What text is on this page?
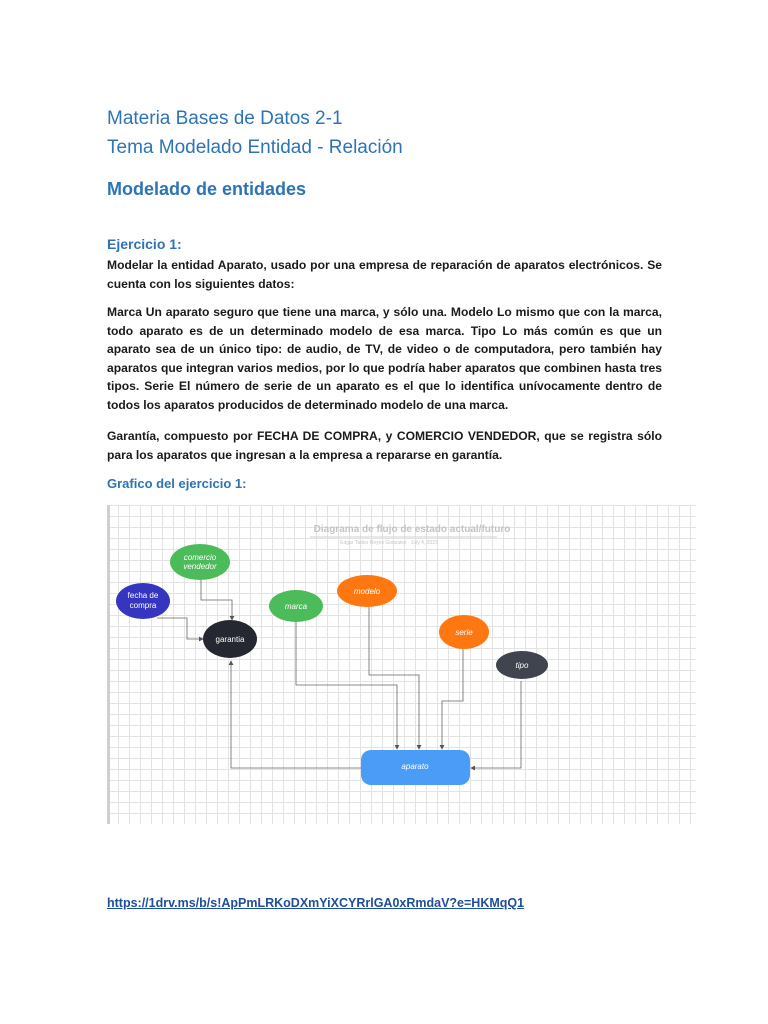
Materia Bases de Datos 2-1
Tema Modelado Entidad - Relación
Modelado de entidades
Ejercicio 1:

Modelar la entidad Aparato, usado por una empresa de reparación de aparatos electrónicos. Se cuenta con los siguientes datos:

Marca Un aparato seguro que tiene una marca, y sólo una. Modelo Lo mismo que con la marca, todo aparato es de un determinado modelo de esa marca. Tipo Lo más común es que un aparato sea de un único tipo: de audio, de TV, de video o de computadora, pero también hay aparatos que integran varios medios, por lo que podría haber aparatos que combinen hasta tres tipos. Serie El número de serie de un aparato es el que lo identifica unívocamente dentro de todos los aparatos producidos de determinado modelo de una marca.

Garantía, compuesto por FECHA DE COMPRA, y COMERCIO VENDEDOR, que se registra sólo para los aparatos que ingresan a la empresa a repararse en garantía.

Grafico del ejercicio 1:
Diagrama de flujo de estado actual/futuro
Edgar Tadeo Reyes Gonzalez · July 4, 2023
comercio
vendedor
fecha de
compra
garantia
marca
modelo
serie
tipo
aparato
https://1drv.ms/b/s!ApPmLRKoDXmYiXCYRrlGA0xRmdaV?e=HKMqQ1
